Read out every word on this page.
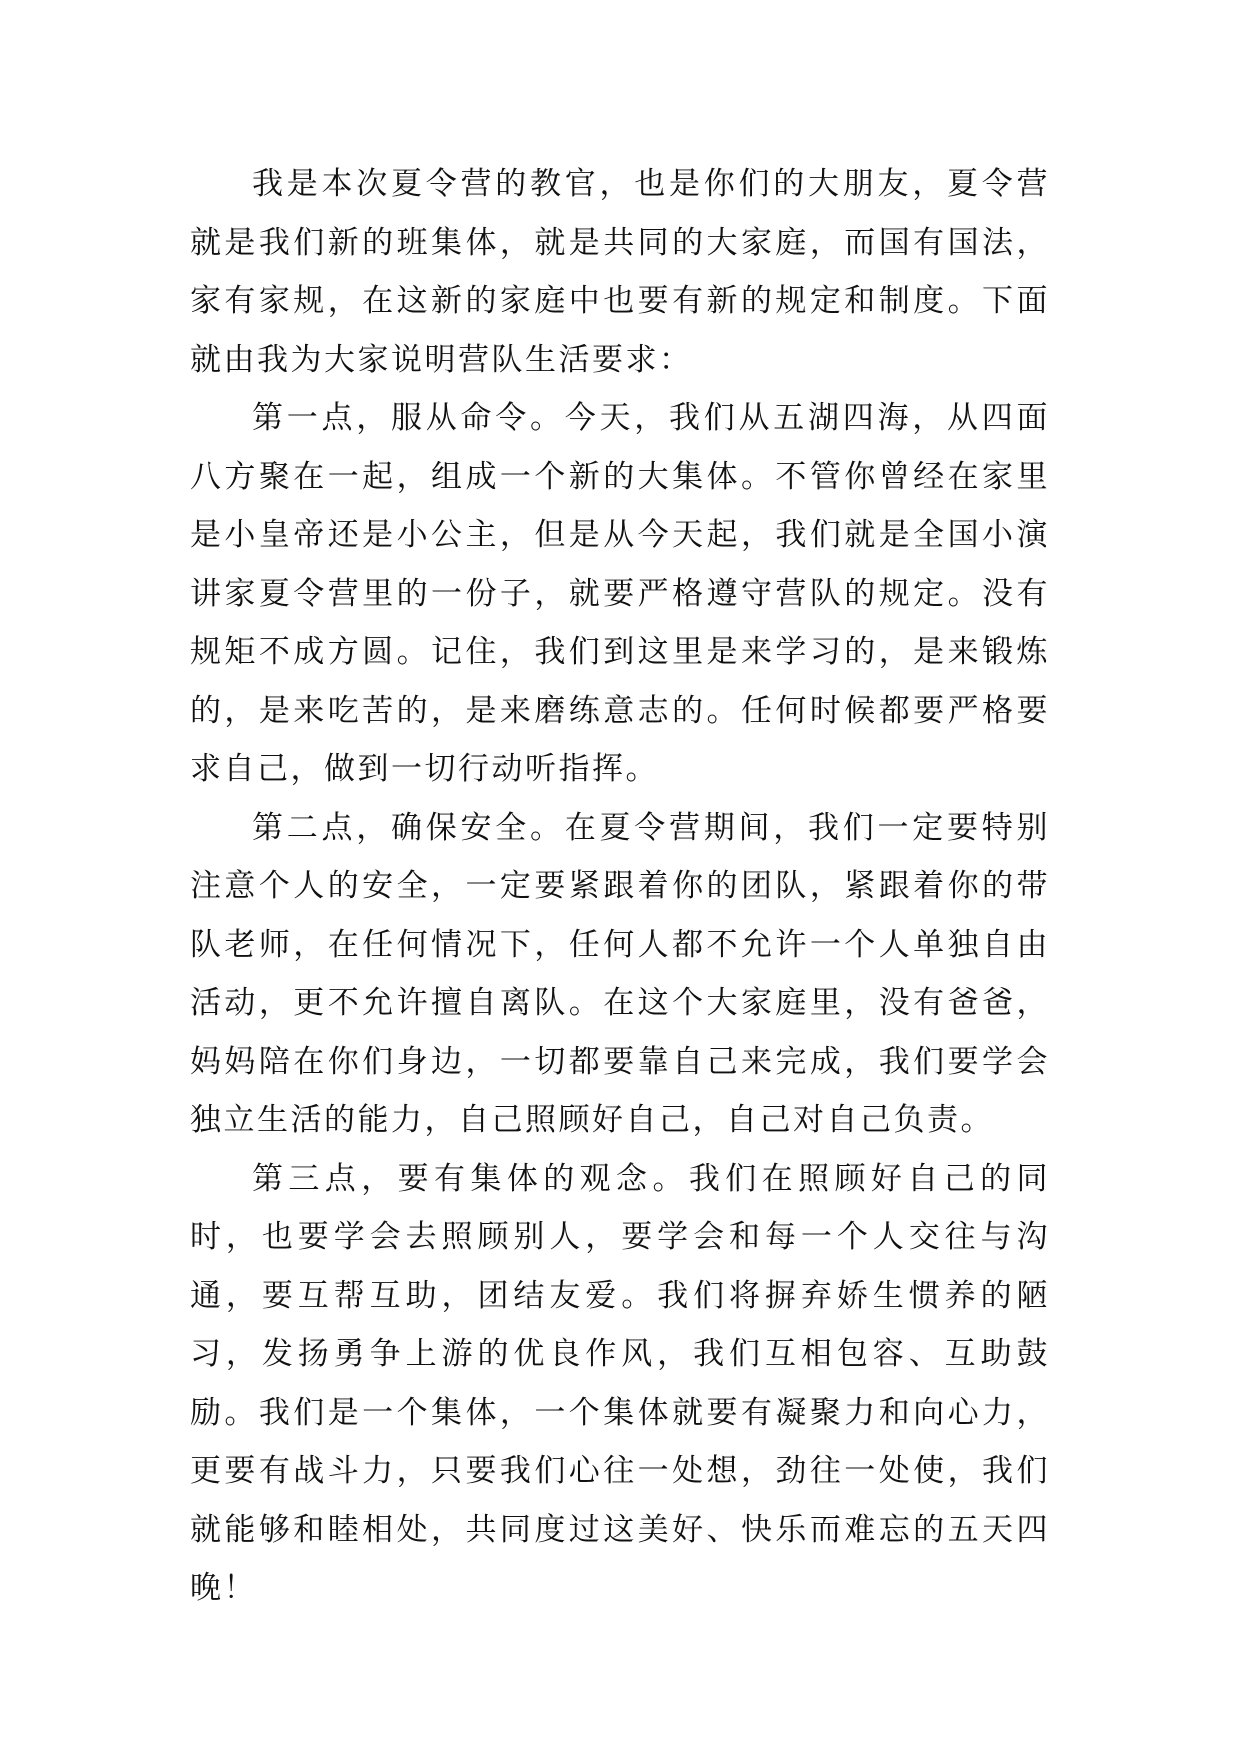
我是本次夏令营的教官，也是你们的大朋友，夏令营就是我们新的班集体，就是共同的大家庭，而国有国法，家有家规，在这新的家庭中也要有新的规定和制度。下面就由我为大家说明营队生活要求：

第一点，服从命令。今天，我们从五湖四海，从四面八方聚在一起，组成一个新的大集体。不管你曾经在家里是小皇帝还是小公主，但是从今天起，我们就是全国小演讲家夏令营里的一份子，就要严格遵守营队的规定。没有规矩不成方圆。记住，我们到这里是来学习的，是来锻炼的，是来吃苦的，是来磨练意志的。任何时候都要严格要求自己，做到一切行动听指挥。

第二点，确保安全。在夏令营期间，我们一定要特别注意个人的安全，一定要紧跟着你的团队，紧跟着你的带队老师，在任何情况下，任何人都不允许一个人单独自由活动，更不允许擅自离队。在这个大家庭里，没有爸爸，妈妈陪在你们身边，一切都要靠自己来完成，我们要学会独立生活的能力，自己照顾好自己，自己对自己负责。

第三点，要有集体的观念。我们在照顾好自己的同时，也要学会去照顾别人，要学会和每一个人交往与沟通，要互帮互助，团结友爱。我们将摒弃娇生惯养的陋习，发扬勇争上游的优良作风，我们互相包容、互助鼓励。我们是一个集体，一个集体就要有凝聚力和向心力，更要有战斗力，只要我们心往一处想，劲往一处使，我们就能够和睦相处，共同度过这美好、快乐而难忘的五天四晚！
